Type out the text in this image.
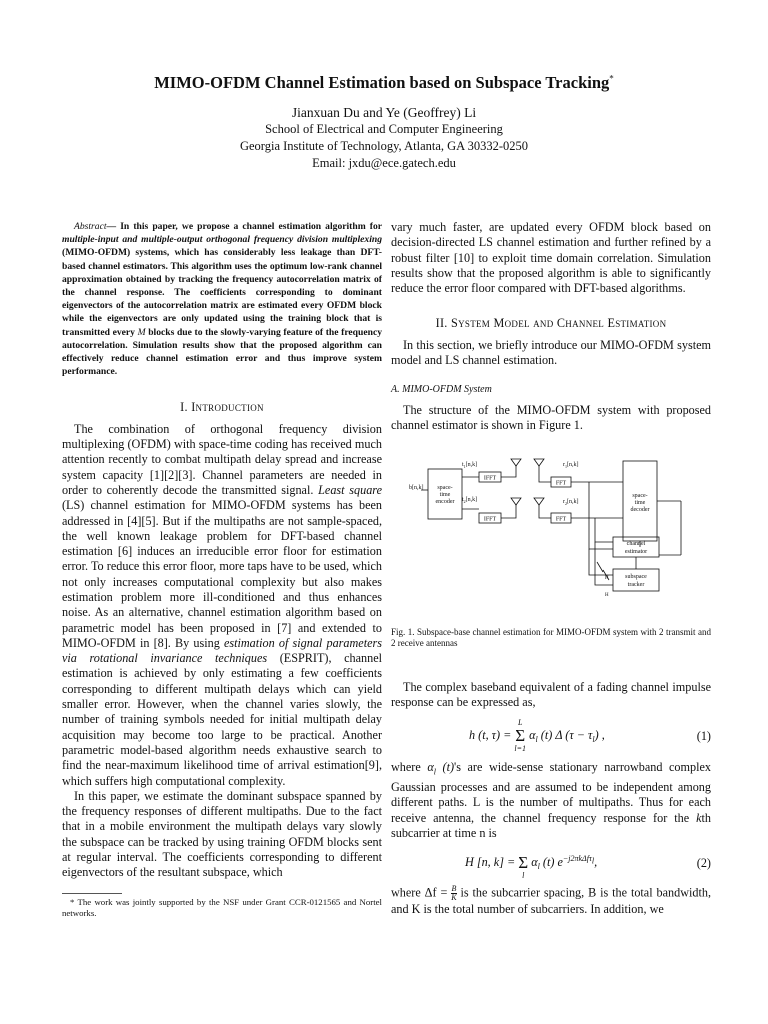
MIMO-OFDM Channel Estimation based on Subspace Tracking*
Jianxuan Du and Ye (Geoffrey) Li
School of Electrical and Computer Engineering
Georgia Institute of Technology, Atlanta, GA 30332-0250
Email: jxdu@ece.gatech.edu

Abstract— In this paper, we propose a channel estimation algorithm for multiple-input and multiple-output orthogonal frequency division multiplexing (MIMO-OFDM) systems, which has considerably less leakage than DFT-based channel estimators. This algorithm uses the optimum low-rank channel approximation obtained by tracking the frequency autocorrelation matrix of the channel response. The coefficients corresponding to dominant eigenvectors of the autocorrelation matrix are estimated every OFDM block while the eigenvectors are only updated using the training block that is transmitted every M blocks due to the slowly-varying feature of the frequency autocorrelation. Simulation results show that the proposed algorithm can effectively reduce channel estimation error and thus improve system performance.

I. Introduction

The combination of orthogonal frequency division multiplexing (OFDM) with space-time coding has received much attention recently to combat multipath delay spread and increase system capacity [1][2][3]. Channel parameters are needed in order to coherently decode the transmitted signal. Least square (LS) channel estimation for MIMO-OFDM systems has been addressed in [4][5]. But if the multipaths are not sample-spaced, the well known leakage problem for DFT-based channel estimation [6] induces an irreducible error floor for estimation error. To reduce this error floor, more taps have to be used, which not only increases computational complexity but also makes estimation problem more ill-conditioned and thus enhances noise. As an alternative, channel estimation algorithm based on parametric model has been proposed in [7] and extended to MIMO-OFDM in [8]. By using estimation of signal parameters via rotational invariance techniques (ESPRIT), channel estimation is achieved by only estimating a few coefficients corresponding to different multipath delays which can yield smaller error. However, when the channel varies slowly, the number of training symbols needed for initial multipath delay acquisition may become too large to be practical. Another parametric model-based algorithm needs exhaustive search to find the near-maximum likelihood time of arrival estimation[9], which suffers high computational complexity.

In this paper, we estimate the dominant subspace spanned by the frequency responses of different multipaths. Due to the fact that in a mobile environment the multipath delays vary slowly the subspace can be tracked by using training OFDM blocks sent at regular interval. The coefficients corresponding to different eigenvectors of the resultant subspace, which

* The work was jointly supported by the NSF under Grant CCR-0121565 and Nortel networks.

vary much faster, are updated every OFDM block based on decision-directed LS channel estimation and further refined by a robust filter [10] to exploit time domain correlation. Simulation results show that the proposed algorithm is able to significantly reduce the error floor compared with DFT-based algorithms.

II. System Model and Channel Estimation

In this section, we briefly introduce our MIMO-OFDM system model and LS channel estimation.

A. MIMO-OFDM System

The structure of the MIMO-OFDM system with proposed channel estimator is shown in Figure 1.

b[n,k] space-
time
encoder
$t_1[n,k]$
IFFT
$t_2[n,k]$
IFFT
$r_1[n,k]$
FFT
$r_2[n,k]$
FFT
space-
time
decoder
channel
estimator
subspace
tracker
H
H

Fig. 1. Subspace-base channel estimation for MIMO-OFDM system with 2 transmit and 2 receive antennas

The complex baseband equivalent of a fading channel impulse response can be expressed as,

h (t, τ) =
L
Σ
l=1
$\alpha_l$ (t) Δ $(\tau - \tau_l)$ ,	(1)

where $\alpha_l$ (t)'s are wide-sense stationary narrowband complex Gaussian processes and are assumed to be independent among different paths. L is the number of multipaths. Thus for each receive antenna, the channel frequency response for the kth subcarrier at time n is

H [n, k] =
Σ
l
$\alpha_l$ (t) $e^{-j2\pi k\Delta f\tau_l}$,	(2)

where $\Delta f = \frac{B}{K}$ is the subcarrier spacing, B is the total bandwidth, and K is the total number of subcarriers. In addition, we
